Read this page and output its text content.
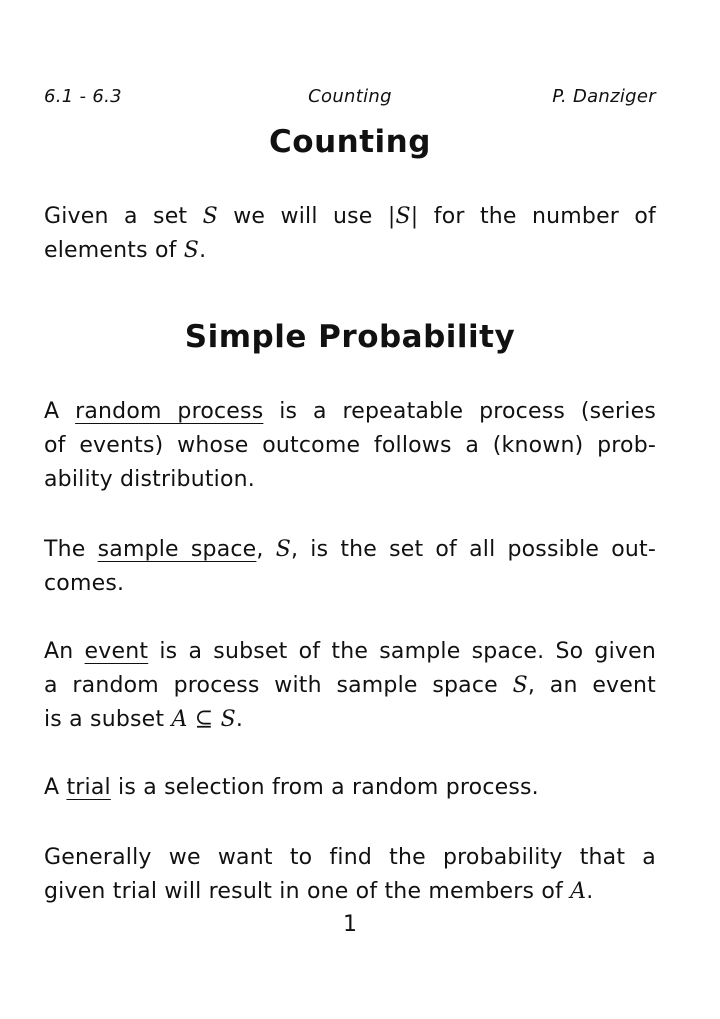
6.1 - 6.3	Counting	P. Danziger
Counting
Given a set S we will use |S| for the number of
elements of S.
Simple Probability
A random process is a repeatable process (series
of events) whose outcome follows a (known) prob-
ability distribution.
The sample space, S, is the set of all possible out-
comes.
An event is a subset of the sample space. So given
a random process with sample space S, an event
is a subset A ⊆ S.
A trial is a selection from a random process.
Generally we want to find the probability that a
given trial will result in one of the members of A.
1
